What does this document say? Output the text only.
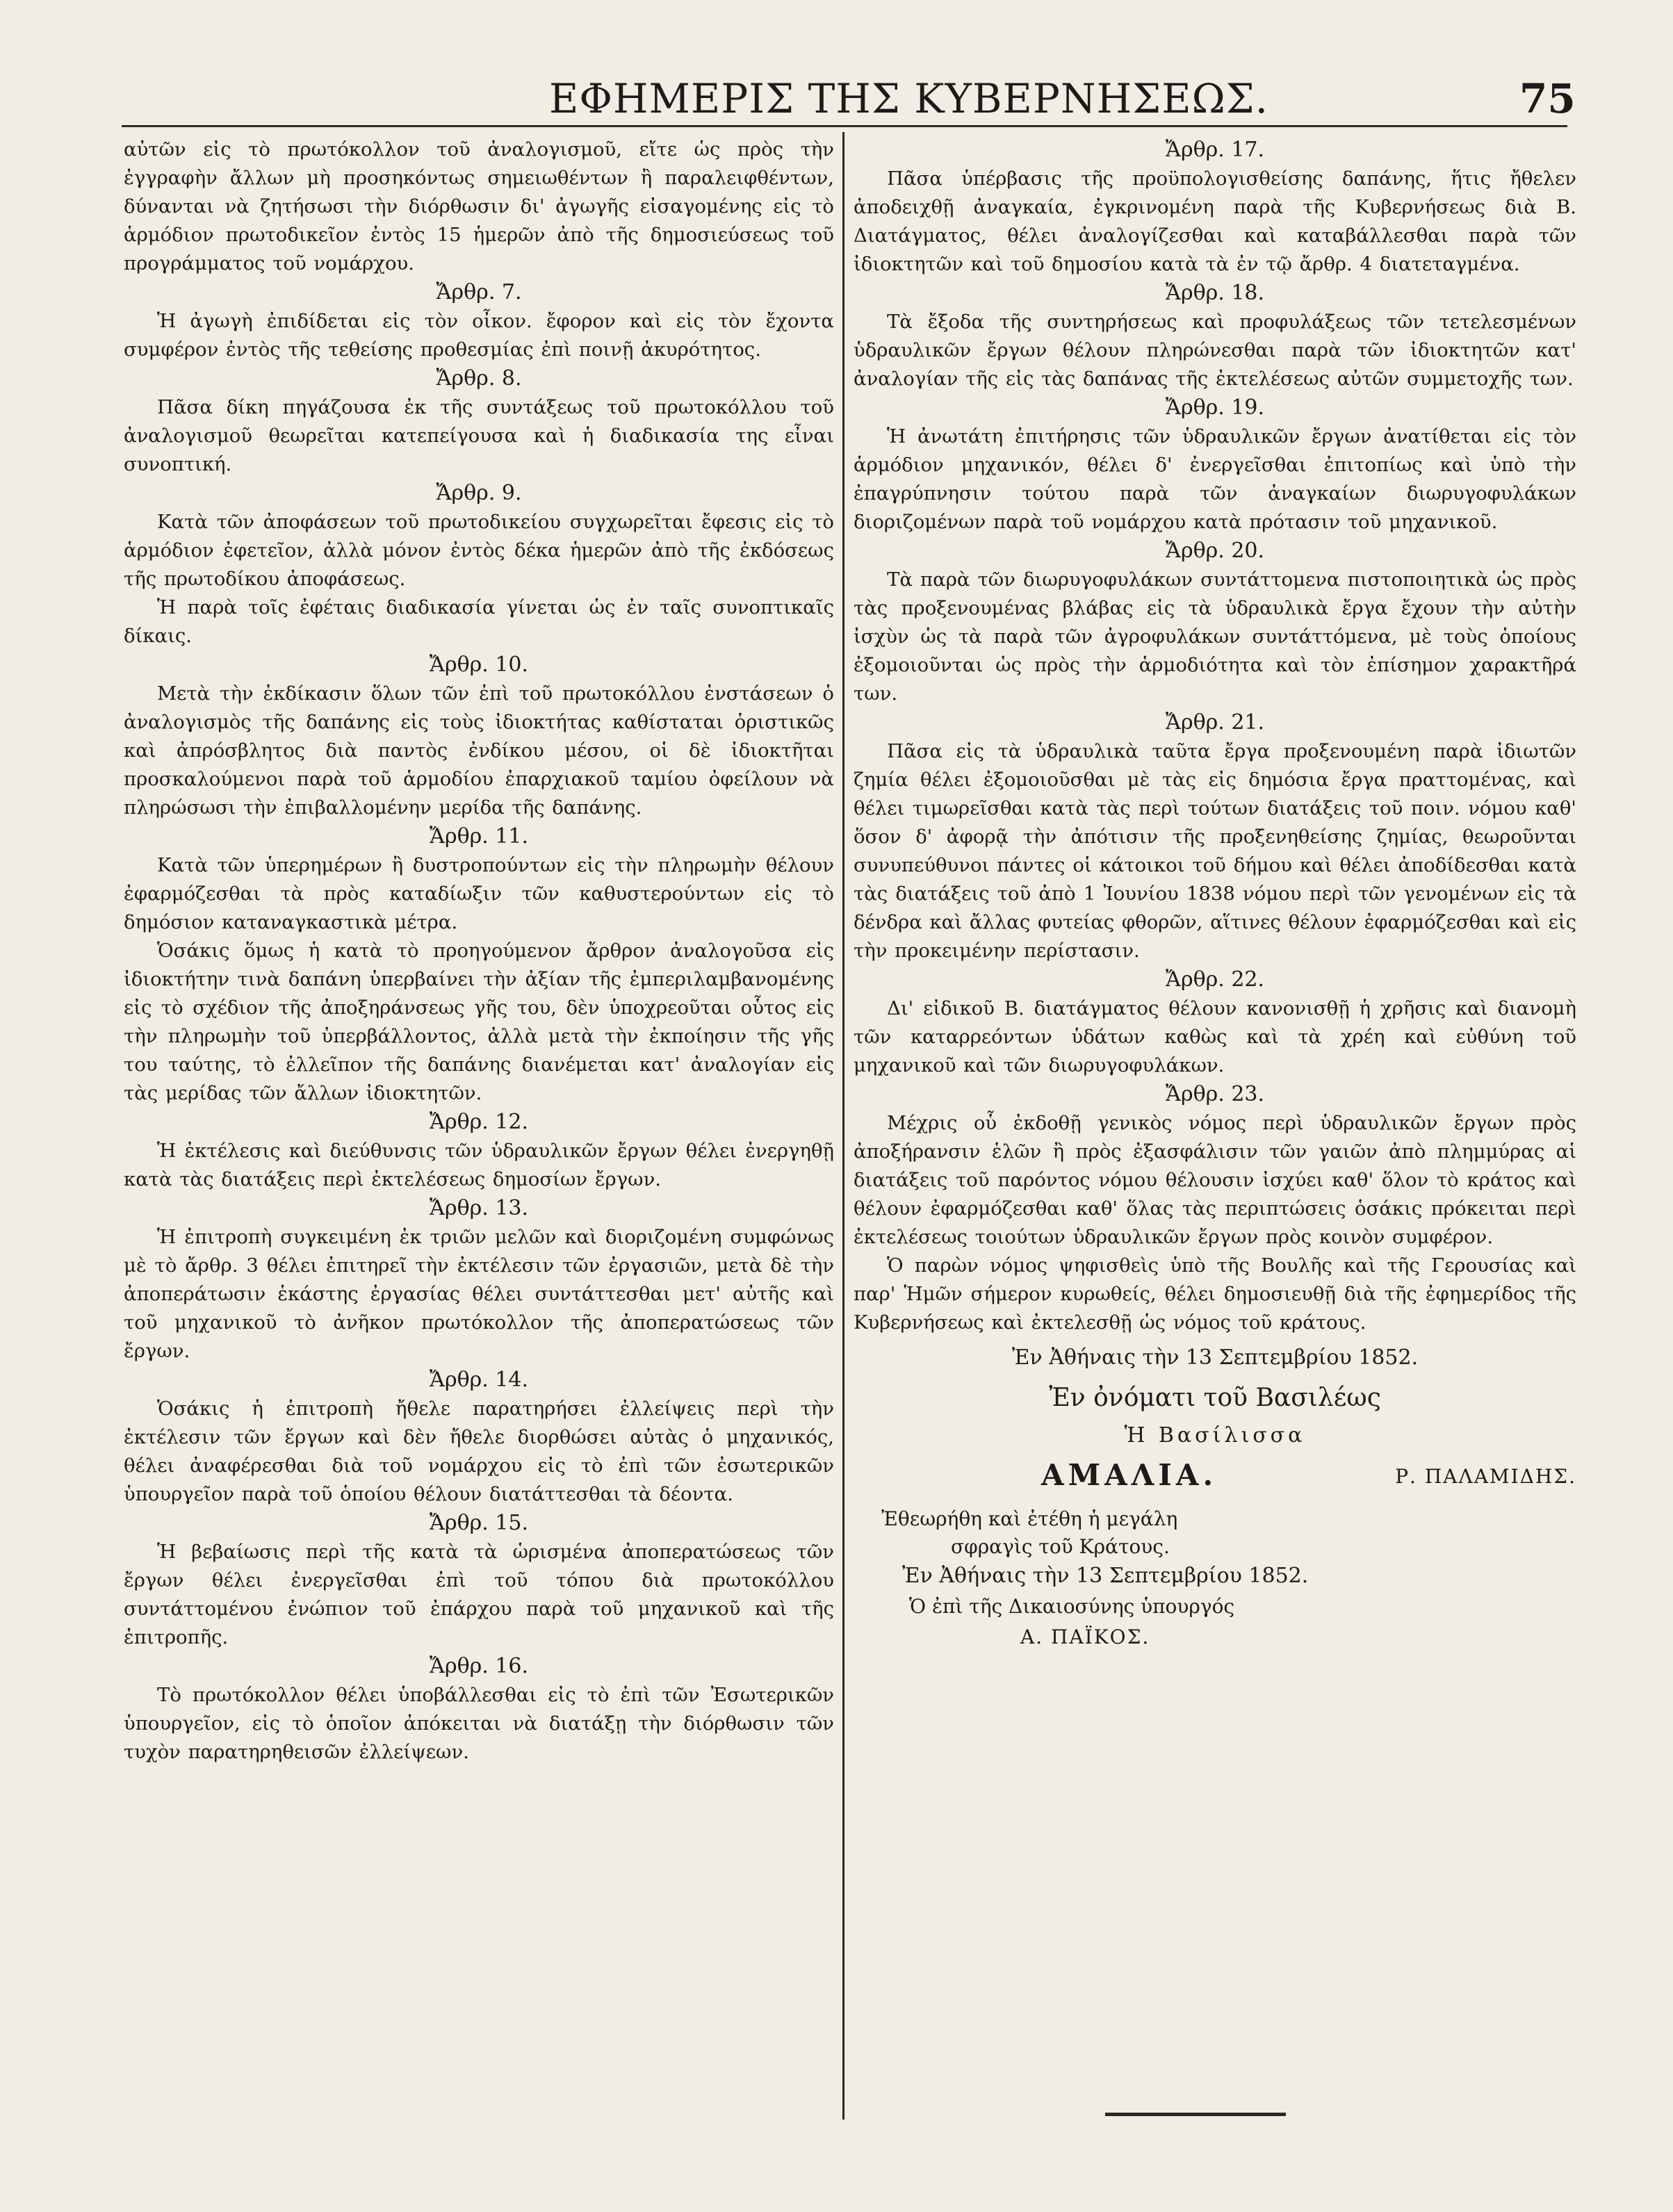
ΕΦΗΜΕΡΙΣ ΤΗΣ ΚΥΒΕΡΝΗΣΕΩΣ.	75

αὐτῶν εἰς τὸ πρωτόκολλον τοῦ ἀναλογισμοῦ, εἴτε ὡς πρὸς τὴν ἐγγραφὴν ἄλλων μὴ προσηκόντως σημειωθέντων ἢ παραλειφθέντων, δύνανται νὰ ζητήσωσι τὴν διόρθωσιν δι' ἀγωγῆς εἰσαγομένης εἰς τὸ ἁρμόδιον πρωτοδικεῖον ἐντὸς 15 ἡμερῶν ἀπὸ τῆς δημοσιεύσεως τοῦ προγράμματος τοῦ νομάρχου.

Ἄρθρ. 7.

Ἡ ἀγωγὴ ἐπιδίδεται εἰς τὸν οἶκον. ἔφορον καὶ εἰς τὸν ἔχοντα συμφέρον ἐντὸς τῆς τεθείσης προθεσμίας ἐπὶ ποινῇ ἀκυρότητος.

Ἄρθρ. 8.

Πᾶσα δίκη πηγάζουσα ἐκ τῆς συντάξεως τοῦ πρωτοκόλλου τοῦ ἀναλογισμοῦ θεωρεῖται κατεπείγουσα καὶ ἡ διαδικασία της εἶναι συνοπτική.

Ἄρθρ. 9.

Κατὰ τῶν ἀποφάσεων τοῦ πρωτοδικείου συγχωρεῖται ἔφεσις εἰς τὸ ἁρμόδιον ἐφετεῖον, ἀλλὰ μόνον ἐντὸς δέκα ἡμερῶν ἀπὸ τῆς ἐκδόσεως τῆς πρωτοδίκου ἀποφάσεως.

Ἡ παρὰ τοῖς ἐφέταις διαδικασία γίνεται ὡς ἐν ταῖς συνοπτικαῖς δίκαις.

Ἄρθρ. 10.

Μετὰ τὴν ἐκδίκασιν ὅλων τῶν ἐπὶ τοῦ πρωτοκόλλου ἐνστάσεων ὁ ἀναλογισμὸς τῆς δαπάνης εἰς τοὺς ἰδιοκτήτας καθίσταται ὁριστικῶς καὶ ἀπρόσβλητος διὰ παντὸς ἐνδίκου μέσου, οἱ δὲ ἰδιοκτῆται προσκαλούμενοι παρὰ τοῦ ἁρμοδίου ἐπαρχιακοῦ ταμίου ὀφείλουν νὰ πληρώσωσι τὴν ἐπιβαλλομένην μερίδα τῆς δαπάνης.

Ἄρθρ. 11.

Κατὰ τῶν ὑπερημέρων ἢ δυστροπούντων εἰς τὴν πληρωμὴν θέλουν ἐφαρμόζεσθαι τὰ πρὸς καταδίωξιν τῶν καθυστερούντων εἰς τὸ δημόσιον καταναγκαστικὰ μέτρα.

Ὁσάκις ὅμως ἡ κατὰ τὸ προηγούμενον ἄρθρον ἀναλογοῦσα εἰς ἰδιοκτήτην τινὰ δαπάνη ὑπερβαίνει τὴν ἀξίαν τῆς ἐμπεριλαμβανομένης εἰς τὸ σχέδιον τῆς ἀποξηράνσεως γῆς του, δὲν ὑποχρεοῦται οὗτος εἰς τὴν πληρωμὴν τοῦ ὑπερβάλλοντος, ἀλλὰ μετὰ τὴν ἐκποίησιν τῆς γῆς του ταύτης, τὸ ἐλλεῖπον τῆς δαπάνης διανέμεται κατ' ἀναλογίαν εἰς τὰς μερίδας τῶν ἄλλων ἰδιοκτητῶν.

Ἄρθρ. 12.

Ἡ ἐκτέλεσις καὶ διεύθυνσις τῶν ὑδραυλικῶν ἔργων θέλει ἐνεργηθῇ κατὰ τὰς διατάξεις περὶ ἐκτελέσεως δημοσίων ἔργων.

Ἄρθρ. 13.

Ἡ ἐπιτροπὴ συγκειμένη ἐκ τριῶν μελῶν καὶ διοριζομένη συμφώνως μὲ τὸ ἄρθρ. 3 θέλει ἐπιτηρεῖ τὴν ἐκτέλεσιν τῶν ἐργασιῶν, μετὰ δὲ τὴν ἀποπεράτωσιν ἑκάστης ἐργασίας θέλει συντάττεσθαι μετ' αὐτῆς καὶ τοῦ μηχανικοῦ τὸ ἀνῆκον πρωτόκολλον τῆς ἀποπερατώσεως τῶν ἔργων.

Ἄρθρ. 14.

Ὁσάκις ἡ ἐπιτροπὴ ἤθελε παρατηρήσει ἐλλείψεις περὶ τὴν ἐκτέλεσιν τῶν ἔργων καὶ δὲν ἤθελε διορθώσει αὐτὰς ὁ μηχανικός, θέλει ἀναφέρεσθαι διὰ τοῦ νομάρχου εἰς τὸ ἐπὶ τῶν ἐσωτερικῶν ὑπουργεῖον παρὰ τοῦ ὁποίου θέλουν διατάττεσθαι τὰ δέοντα.

Ἄρθρ. 15.

Ἡ βεβαίωσις περὶ τῆς κατὰ τὰ ὡρισμένα ἀποπερατώσεως τῶν ἔργων θέλει ἐνεργεῖσθαι ἐπὶ τοῦ τόπου διὰ πρωτοκόλλου συντάττομένου ἐνώπιον τοῦ ἐπάρχου παρὰ τοῦ μηχανικοῦ καὶ τῆς ἐπιτροπῆς.

Ἄρθρ. 16.

Τὸ πρωτόκολλον θέλει ὑποβάλλεσθαι εἰς τὸ ἐπὶ τῶν Ἐσωτερικῶν ὑπουργεῖον, εἰς τὸ ὁποῖον ἀπόκειται νὰ διατάξῃ τὴν διόρθωσιν τῶν τυχὸν παρατηρηθεισῶν ἐλλείψεων.

Ἄρθρ. 17.

Πᾶσα ὑπέρβασις τῆς προϋπολογισθείσης δαπάνης, ἥτις ἤθελεν ἀποδειχθῇ ἀναγκαία, ἐγκρινομένη παρὰ τῆς Κυβερνήσεως διὰ Β. Διατάγματος, θέλει ἀναλογίζεσθαι καὶ καταβάλλεσθαι παρὰ τῶν ἰδιοκτητῶν καὶ τοῦ δημοσίου κατὰ τὰ ἐν τῷ ἄρθρ. 4 διατεταγμένα.

Ἄρθρ. 18.

Τὰ ἔξοδα τῆς συντηρήσεως καὶ προφυλάξεως τῶν τετελεσμένων ὑδραυλικῶν ἔργων θέλουν πληρώνεσθαι παρὰ τῶν ἰδιοκτητῶν κατ' ἀναλογίαν τῆς εἰς τὰς δαπάνας τῆς ἐκτελέσεως αὐτῶν συμμετοχῆς των.

Ἄρθρ. 19.

Ἡ ἀνωτάτη ἐπιτήρησις τῶν ὑδραυλικῶν ἔργων ἀνατίθεται εἰς τὸν ἁρμόδιον μηχανικόν, θέλει δ' ἐνεργεῖσθαι ἐπιτοπίως καὶ ὑπὸ τὴν ἐπαγρύπνησιν τούτου παρὰ τῶν ἀναγκαίων διωρυγοφυλάκων διοριζομένων παρὰ τοῦ νομάρχου κατὰ πρότασιν τοῦ μηχανικοῦ.

Ἄρθρ. 20.

Τὰ παρὰ τῶν διωρυγοφυλάκων συντάττομενα πιστοποιητικὰ ὡς πρὸς τὰς προξενουμένας βλάβας εἰς τὰ ὑδραυλικὰ ἔργα ἔχουν τὴν αὐτὴν ἰσχὺν ὡς τὰ παρὰ τῶν ἀγροφυλάκων συντάττόμενα, μὲ τοὺς ὁποίους ἐξομοιοῦνται ὡς πρὸς τὴν ἁρμοδιότητα καὶ τὸν ἐπίσημον χαρακτῆρά των.

Ἄρθρ. 21.

Πᾶσα εἰς τὰ ὑδραυλικὰ ταῦτα ἔργα προξενουμένη παρὰ ἰδιωτῶν ζημία θέλει ἐξομοιοῦσθαι μὲ τὰς εἰς δημόσια ἔργα πραττομένας, καὶ θέλει τιμωρεῖσθαι κατὰ τὰς περὶ τούτων διατάξεις τοῦ ποιν. νόμου καθ' ὅσον δ' ἀφορᾷ τὴν ἀπότισιν τῆς προξενηθείσης ζημίας, θεωροῦνται συνυπεύθυνοι πάντες οἱ κάτοικοι τοῦ δήμου καὶ θέλει ἀποδίδεσθαι κατὰ τὰς διατάξεις τοῦ ἀπὸ 1 Ἰουνίου 1838 νόμου περὶ τῶν γενομένων εἰς τὰ δένδρα καὶ ἄλλας φυτείας φθορῶν, αἵτινες θέλουν ἐφαρμόζεσθαι καὶ εἰς τὴν προκειμένην περίστασιν.

Ἄρθρ. 22.

Δι' εἰδικοῦ Β. διατάγματος θέλουν κανονισθῇ ἡ χρῆσις καὶ διανομὴ τῶν καταρρεόντων ὑδάτων καθὼς καὶ τὰ χρέη καὶ εὐθύνη τοῦ μηχανικοῦ καὶ τῶν διωρυγοφυλάκων.

Ἄρθρ. 23.

Μέχρις οὗ ἐκδοθῇ γενικὸς νόμος περὶ ὑδραυλικῶν ἔργων πρὸς ἀποξήρανσιν ἑλῶν ἢ πρὸς ἐξασφάλισιν τῶν γαιῶν ἀπὸ πλημμύρας αἱ διατάξεις τοῦ παρόντος νόμου θέλουσιν ἰσχύει καθ' ὅλον τὸ κράτος καὶ θέλουν ἐφαρμόζεσθαι καθ' ὅλας τὰς περιπτώσεις ὁσάκις πρόκειται περὶ ἐκτελέσεως τοιούτων ὑδραυλικῶν ἔργων πρὸς κοινὸν συμφέρον.

Ὁ παρὼν νόμος ψηφισθεὶς ὑπὸ τῆς Βουλῆς καὶ τῆς Γερουσίας καὶ παρ' Ἡμῶν σήμερον κυρωθείς, θέλει δημοσιευθῇ διὰ τῆς ἐφημερίδος τῆς Κυβερνήσεως καὶ ἐκτελεσθῇ ὡς νόμος τοῦ κράτους.

Ἐν Ἀθήναις τὴν 13 Σεπτεμβρίου 1852.

Ἐν ὀνόματι τοῦ Βασιλέως

Ἡ Βασίλισσα

ΑΜΑΛΙΑ.	Ρ. ΠΑΛΑΜΙΔΗΣ.

Ἐθεωρήθη καὶ ἐτέθη ἡ μεγάλη

σφραγὶς τοῦ Κράτους.

Ἐν Ἀθήναις τὴν 13 Σεπτεμβρίου 1852.

Ὁ ἐπὶ τῆς Δικαιοσύνης ὑπουργός

Α. ΠΑΪΚΟΣ.
